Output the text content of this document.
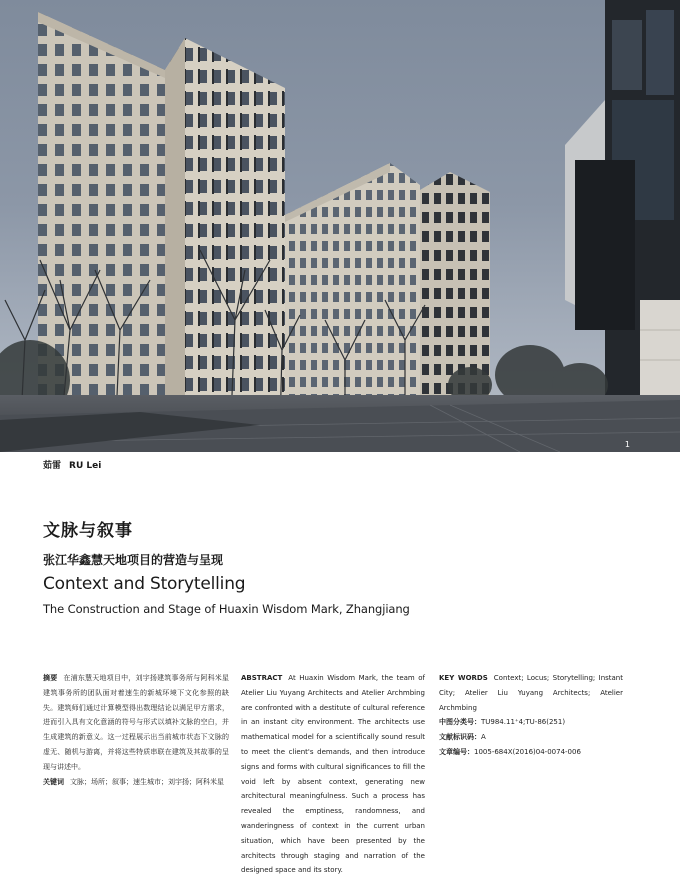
1
茹雷 RU Lei
文脉与叙事
张江华鑫慧天地项目的营造与呈现
Context and Storytelling
The Construction and Stage of Huaxin Wisdom Mark, Zhangjiang
摘要 在浦东慧天地项目中，刘宇扬建筑事务所与阿科米星建筑事务所的团队面对着速生的新城环境下文化参照的缺失。建筑师们通过计算模型得出数理结论以满足甲方需求，进而引入具有文化意涵的符号与形式以填补文脉的空白，并生成建筑的新意义。这一过程展示出当前城市状态下文脉的虚无、随机与游离，并将这些特质串联在建筑及其故事的呈现与讲述中。
关键词 文脉；场所；叙事；速生城市；刘宇扬；阿科米星
ABSTRACT At Huaxin Wisdom Mark, the team of Atelier Liu Yuyang Architects and Atelier Archmbing are confronted with a destitute of cultural reference in an instant city environment. The architects use mathematical model for a scientifically sound result to meet the client's demands, and then introduce signs and forms with cultural significances to fill the void left by absent context, generating new architectural meaningfulness. Such a process has revealed the emptiness, randomness, and wanderingness of context in the current urban situation, which have been presented by the architects through staging and narration of the designed space and its story.
KEY WORDS Context; Locus; Storytelling; Instant City; Atelier Liu Yuyang Architects; Atelier Archmbing
中图分类号：TU984.11⁺4;TU-86(251)
文献标识码：A
文章编号：1005-684X(2016)04-0074-006
